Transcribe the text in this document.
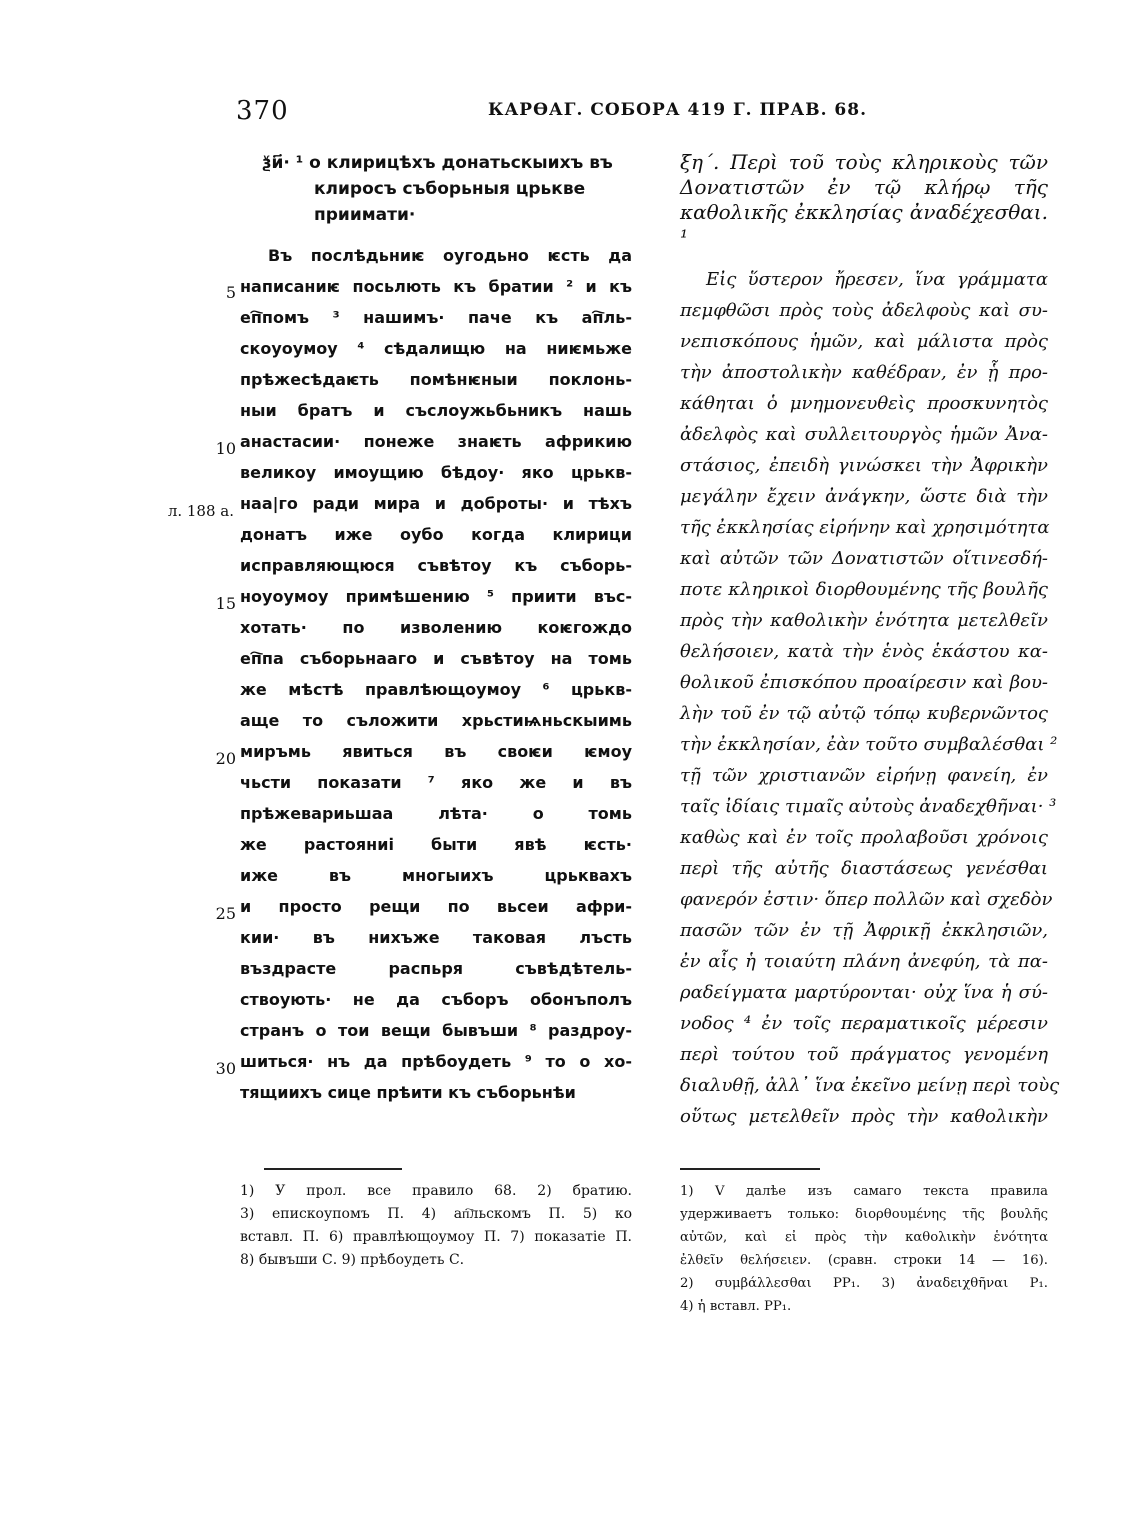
370	КАРѲАГ. СОБОРА 419 Г. ПРАВ. 68.
5
10
15
20
25
30
л. 188 а.
ѯи҃· ¹ о клирицѣхъ донатьскыихъ въ клиросъ съборьныя црькве приимати·
Въ послѣдьниѥ оугодьно ѥсть да
написаниѥ посьлють къ братии ² и къ
еп҇помъ ³ нашимъ· паче къ ап҇ль-
скоуоумоу ⁴ сѣдалищю на ниѥмьже
прѣжесѣдаѥть помѣнѥныи поклонь-
ныи братъ и съслоужьбьникъ нашь
анастасии· понеже знаѥть африкию
великоу имоущию бѣдоу· яко црькв-
наа|го ради мира и доброты· и тѣхъ
донатъ иже оубо когда клирици
исправляющюся съвѣтоу къ съборь-
ноуоумоу примѣшению ⁵ приити въс-
хотать· по изволению коѥгождо
еп҇па съборьнааго и съвѣтоу на томь
же мѣстѣ правлѣющоумоу ⁶ црькв-
аще то съложити хрьстиѩньскыимь
миръмь явиться въ своѥи ѥмоу
чьсти показати ⁷ яко же и въ
прѣжевариьшаа лѣта· о томь
же растояниі быти явѣ ѥсть·
иже въ многыихъ црьквахъ
и просто рещи по вьсеи афри-
кии· въ нихъже таковая лъсть
въздрасте распьря съвѣдѣтель-
ствоують· не да съборъ обонъполъ
странъ о тои вещи бывъши ⁸ раздроу-
шиться· нъ да прѣбоудеть ⁹ то о хо-
тящиихъ сице прѣити къ съборьнѣи
ξη΄. Περὶ τοῦ τοὺς κληρικοὺς τῶν Δονατιστῶν ἐν τῷ κλήρῳ τῆς καθολικῆς ἐκκλησίας ἀναδέχεσθαι. ¹
Εἰς ὕστερον ἤρεσεν, ἵνα γράμματα
πεμφθῶσι πρὸς τοὺς ἀδελφοὺς καὶ συ-
νεπισκόπους ἡμῶν, καὶ μάλιστα πρὸς
τὴν ἀποστολικὴν καθέδραν, ἐν ᾗ προ-
κάθηται ὁ μνημονευθεὶς προσκυνητὸς
ἀδελφὸς καὶ συλλειτουργὸς ἡμῶν Ἀνα-
στάσιος, ἐπειδὴ γινώσκει τὴν Ἀφρικὴν
μεγάλην ἔχειν ἀνάγκην, ὥστε διὰ τὴν
τῆς ἐκκλησίας εἰρήνην καὶ χρησιμότητα
καὶ αὐτῶν τῶν Δονατιστῶν οἵτινεσδή-
ποτε κληρικοὶ διορθουμένης τῆς βουλῆς
πρὸς τὴν καθολικὴν ἑνότητα μετελθεῖν
θελήσοιεν, κατὰ τὴν ἑνὸς ἑκάστου κα-
θολικοῦ ἐπισκόπου προαίρεσιν καὶ βου-
λὴν τοῦ ἐν τῷ αὐτῷ τόπῳ κυβερνῶντος
τὴν ἐκκλησίαν, ἐὰν τοῦτο συμβαλέσθαι ²
τῇ τῶν χριστιανῶν εἰρήνῃ φανείη, ἐν
ταῖς ἰδίαις τιμαῖς αὐτοὺς ἀναδεχθῆναι· ³
καθὼς καὶ ἐν τοῖς προλαβοῦσι χρόνοις
περὶ τῆς αὐτῆς διαστάσεως γενέσθαι
φανερόν ἐστιν· ὅπερ πολλῶν καὶ σχεδὸν
πασῶν τῶν ἐν τῇ Ἀφρικῇ ἐκκλησιῶν,
ἐν αἷς ἡ τοιαύτη πλάνη ἀνεφύη, τὰ πα-
ραδείγματα μαρτύρονται· οὐχ ἵνα ἡ σύ-
νοδος ⁴ ἐν τοῖς περαματικοῖς μέρεσιν
περὶ τούτου τοῦ πράγματος γενομένη
διαλυθῇ, ἀλλ᾽ ἵνα ἐκεῖνο μείνῃ περὶ τοὺς
οὕτως μετελθεῖν πρὸς τὴν καθολικὴν
1) У прол. все правило 68. 2) братию.
3) епискоупомъ П. 4) ап҇льскомъ П. 5) ко
вставл. П. 6) правлѣющоумоу П. 7) показатіе П.
8) бывъши С. 9) прѣбоудеть С.
1) V далѣе изъ самаго текста правила
удерживаетъ только: διορθουμένης τῆς βουλῆς
αὐτῶν, καὶ εἰ πρὸς τὴν καθολικὴν ἑνότητα
ἐλθεῖν θελήσειεν. (сравн. строки 14 — 16).
2) συμβάλλεσθαι PP₁. 3) ἀναδειχθῆναι P₁.
4) ἡ вставл. PP₁.
